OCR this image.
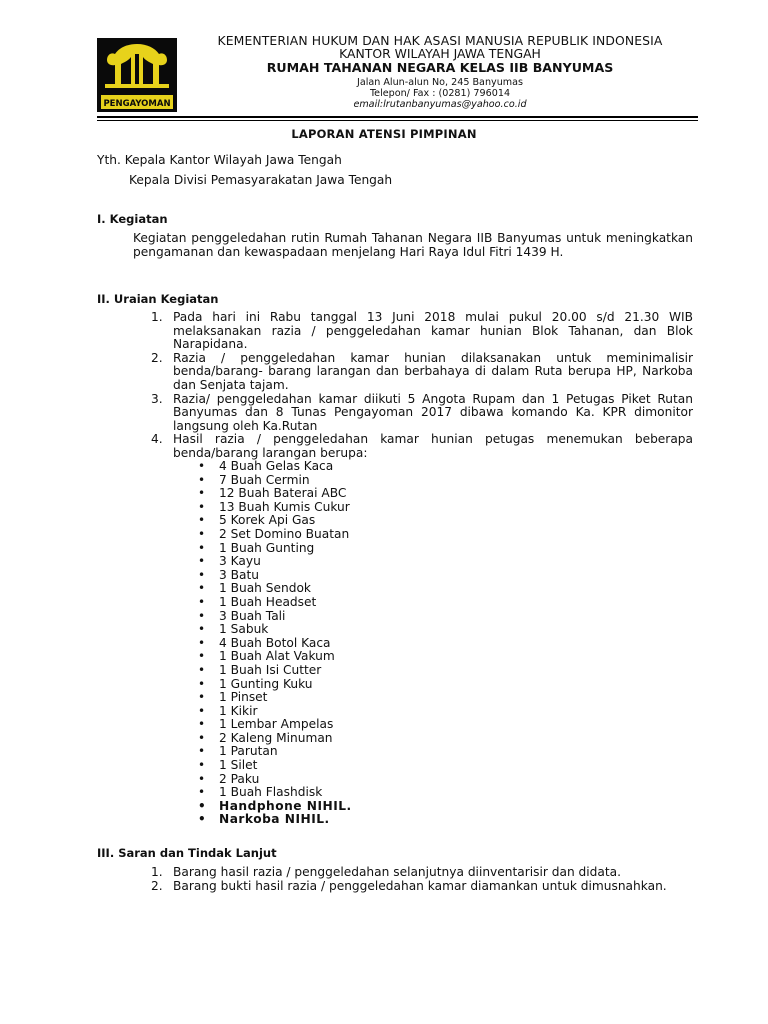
PENGAYOMAN
KEMENTERIAN HUKUM DAN HAK ASASI MANUSIA REPUBLIK INDONESIA
KANTOR WILAYAH JAWA TENGAH
RUMAH TAHANAN NEGARA KELAS IIB BANYUMAS
Jalan Alun-alun No, 245 Banyumas
Telepon/ Fax : (0281) 796014
email:lrutanbanyumas@yahoo.co.id
LAPORAN ATENSI PIMPINAN
Yth. Kepala Kantor Wilayah Jawa Tengah
Kepala Divisi Pemasyarakatan Jawa Tengah
I. Kegiatan
Kegiatan penggeledahan rutin Rumah Tahanan Negara IIB Banyumas untuk meningkatkan pengamanan dan kewaspadaan menjelang Hari Raya Idul Fitri 1439 H.
II. Uraian Kegiatan
1. Pada hari ini Rabu tanggal 13 Juni 2018 mulai pukul 20.00 s/d 21.30 WIB melaksanakan razia / penggeledahan kamar hunian Blok Tahanan, dan Blok Narapidana.
2. Razia / penggeledahan kamar hunian dilaksanakan untuk meminimalisir benda/barang- barang larangan dan berbahaya di dalam Ruta berupa HP, Narkoba dan Senjata tajam.
3. Razia/ penggeledahan kamar diikuti 5 Angota Rupam dan 1 Petugas Piket Rutan Banyumas dan 8 Tunas Pengayoman 2017 dibawa komando Ka. KPR dimonitor langsung oleh Ka.Rutan
4. Hasil razia / penggeledahan kamar hunian petugas menemukan beberapa benda/barang larangan berupa:
• 4 Buah Gelas Kaca
• 7 Buah Cermin
• 12 Buah Baterai ABC
• 13 Buah Kumis Cukur
• 5 Korek Api Gas
• 2 Set Domino Buatan
• 1 Buah Gunting
• 3 Kayu
• 3 Batu
• 1 Buah Sendok
• 1 Buah Headset
• 3 Buah Tali
• 1 Sabuk
• 4 Buah Botol Kaca
• 1 Buah Alat Vakum
• 1 Buah Isi Cutter
• 1 Gunting Kuku
• 1 Pinset
• 1 Kikir
• 1 Lembar Ampelas
• 2 Kaleng Minuman
• 1 Parutan
• 1 Silet
• 2 Paku
• 1 Buah Flashdisk
• Handphone NIHIL.
• Narkoba NIHIL.
III. Saran dan Tindak Lanjut
1. Barang hasil razia / penggeledahan selanjutnya diinventarisir dan didata.
2. Barang bukti hasil razia / penggeledahan kamar diamankan untuk dimusnahkan.
